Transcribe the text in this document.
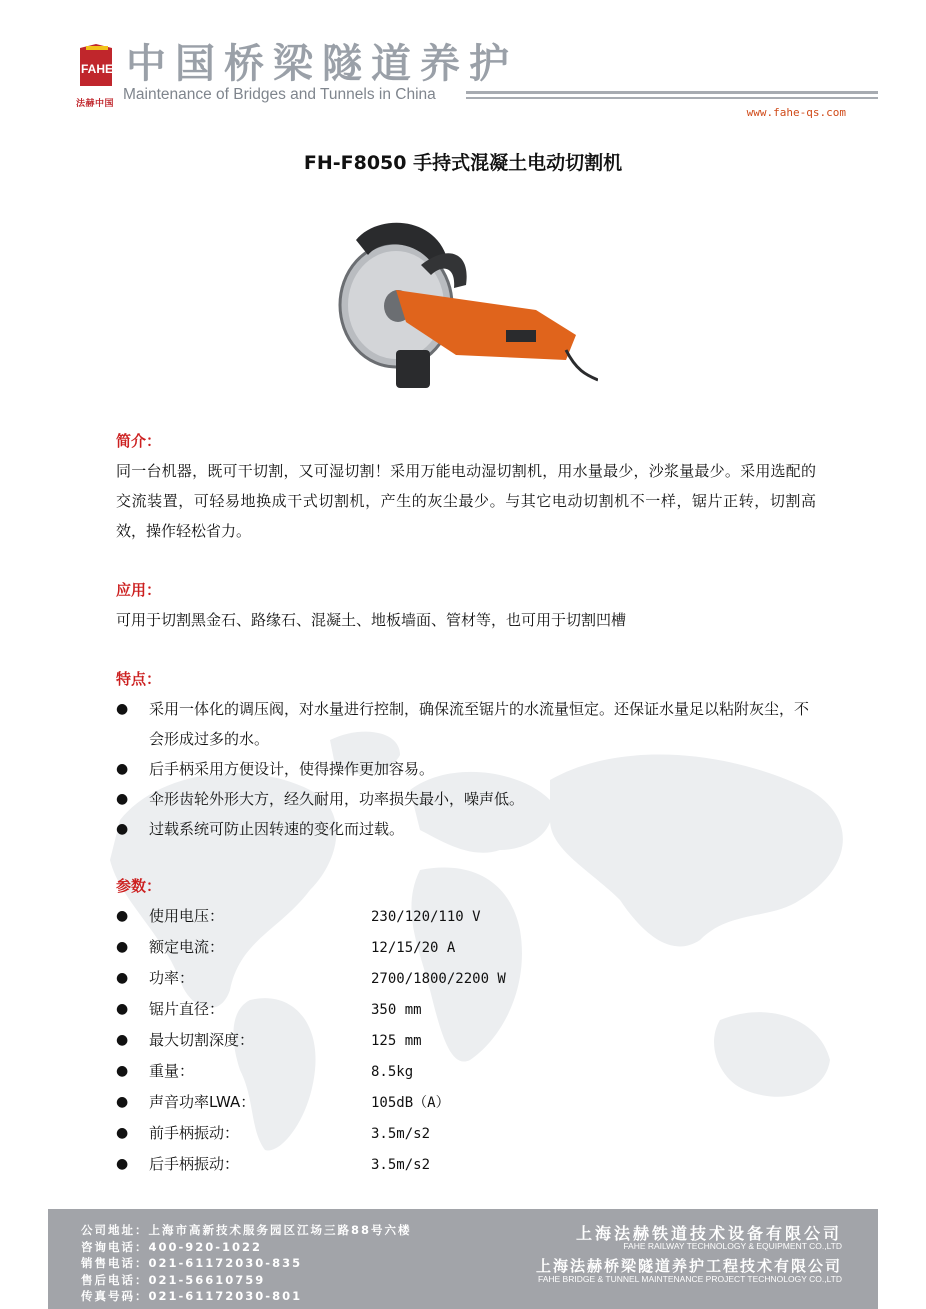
FAHE
法赫中国
中国桥梁隧道养护
Maintenance of Bridges and Tunnels in China
www.fahe-qs.com
FH-F8050 手持式混凝土电动切割机
简介：

同一台机器，既可干切割，又可湿切割！采用万能电动湿切割机，用水量最少，沙浆量最少。采用选配的交流装置，可轻易地换成干式切割机，产生的灰尘最少。与其它电动切割机不一样，锯片正转，切割高效，操作轻松省力。

应用：

可用于切割黑金石、路缘石、混凝土、地板墙面、管材等，也可用于切割凹槽

特点：
● 采用一体化的调压阀，对水量进行控制，确保流至锯片的水流量恒定。还保证水量足以粘附灰尘，不会形成过多的水。
● 后手柄采用方便设计，使得操作更加容易。
● 伞形齿轮外形大方，经久耐用，功率损失最小，噪声低。
● 过载系统可防止因转速的变化而过载。
参数：
● 使用电压：	230/120/110 V
● 额定电流：	12/15/20 A
● 功率：	2700/1800/2200 W
● 锯片直径：	350 mm
● 最大切割深度：	125 mm
● 重量：	8.5kg
● 声音功率LWA：	105dB（A）
● 前手柄振动：	3.5m/s2
● 后手柄振动：	3.5m/s2
公司地址：上海市高新技术服务园区江场三路88号六楼
咨询电话：400-920-1022
销售电话：021-61172030-835
售后电话：021-56610759
传真号码：021-61172030-801
上海法赫铁道技术设备有限公司
FAHE RAILWAY TECHNOLOGY & EQUIPMENT CO.,LTD
上海法赫桥梁隧道养护工程技术有限公司
FAHE BRIDGE & TUNNEL MAINTENANCE PROJECT TECHNOLOGY CO.,LTD
